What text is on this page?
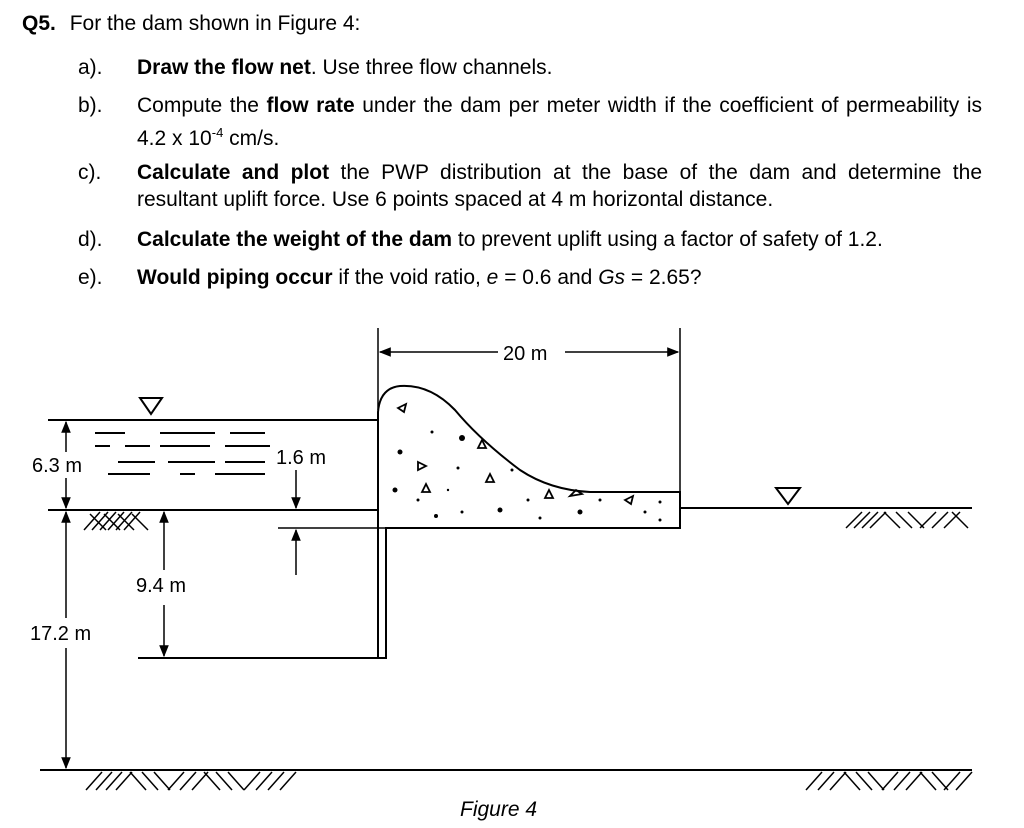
Q5. For the dam shown in Figure 4:
a).	Draw the flow net. Use three flow channels.
b).	Compute the flow rate under the dam per meter width if the coefficient of permeability is 4.2 x $10^{-4}$ cm/s.
c).	Calculate and plot the PWP distribution at the base of the dam and determine the resultant uplift force. Use 6 points spaced at 4 m horizontal distance.
d).	Calculate the weight of the dam to prevent uplift using a factor of safety of 1.2.
e).	Would piping occur if the void ratio, e = 0.6 and Gs = 2.65?
20 m
6.3 m	1.6 m
9.4 m
17.2 m
Figure 4
